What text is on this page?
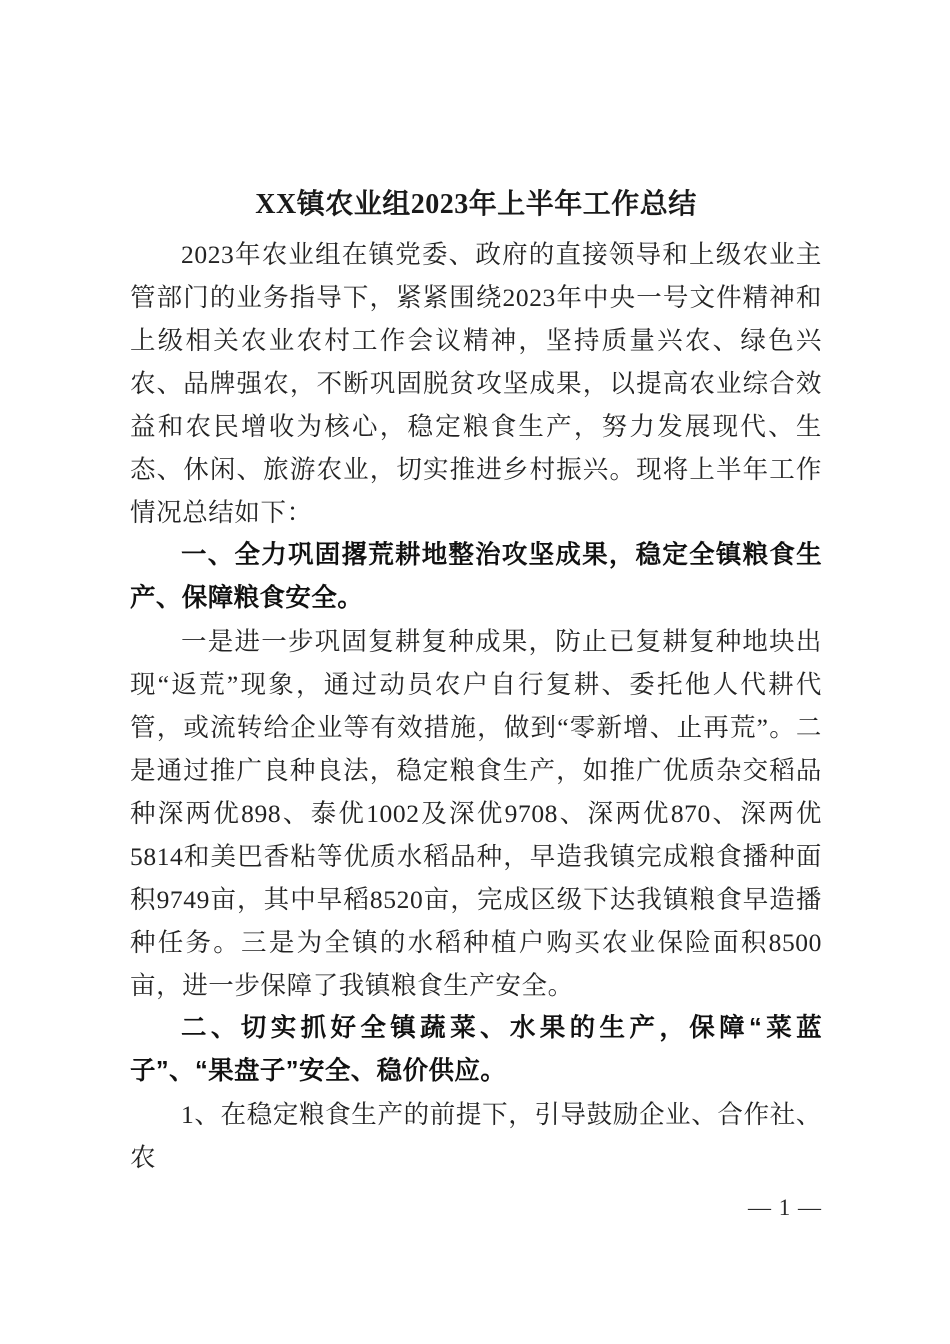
XX镇农业组2023年上半年工作总结

2023年农业组在镇党委、政府的直接领导和上级农业主管部门的业务指导下，紧紧围绕2023年中央一号文件精神和上级相关农业农村工作会议精神，坚持质量兴农、绿色兴农、品牌强农，不断巩固脱贫攻坚成果，以提高农业综合效益和农民增收为核心，稳定粮食生产，努力发展现代、生态、休闲、旅游农业，切实推进乡村振兴。现将上半年工作情况总结如下：

一、全力巩固撂荒耕地整治攻坚成果，稳定全镇粮食生产、保障粮食安全。

一是进一步巩固复耕复种成果，防止已复耕复种地块出现“返荒”现象，通过动员农户自行复耕、委托他人代耕代管，或流转给企业等有效措施，做到“零新增、止再荒”。二是通过推广良种良法，稳定粮食生产，如推广优质杂交稻品种深两优898、泰优1002及深优9708、深两优870、深两优5814和美巴香粘等优质水稻品种，早造我镇完成粮食播种面积9749亩，其中早稻8520亩，完成区级下达我镇粮食早造播种任务。三是为全镇的水稻种植户购买农业保险面积8500亩，进一步保障了我镇粮食生产安全。

二、切实抓好全镇蔬菜、水果的生产，保障“菜蓝子”、“果盘子”安全、稳价供应。

1、在稳定粮食生产的前提下，引导鼓励企业、合作社、农

— 1 —
